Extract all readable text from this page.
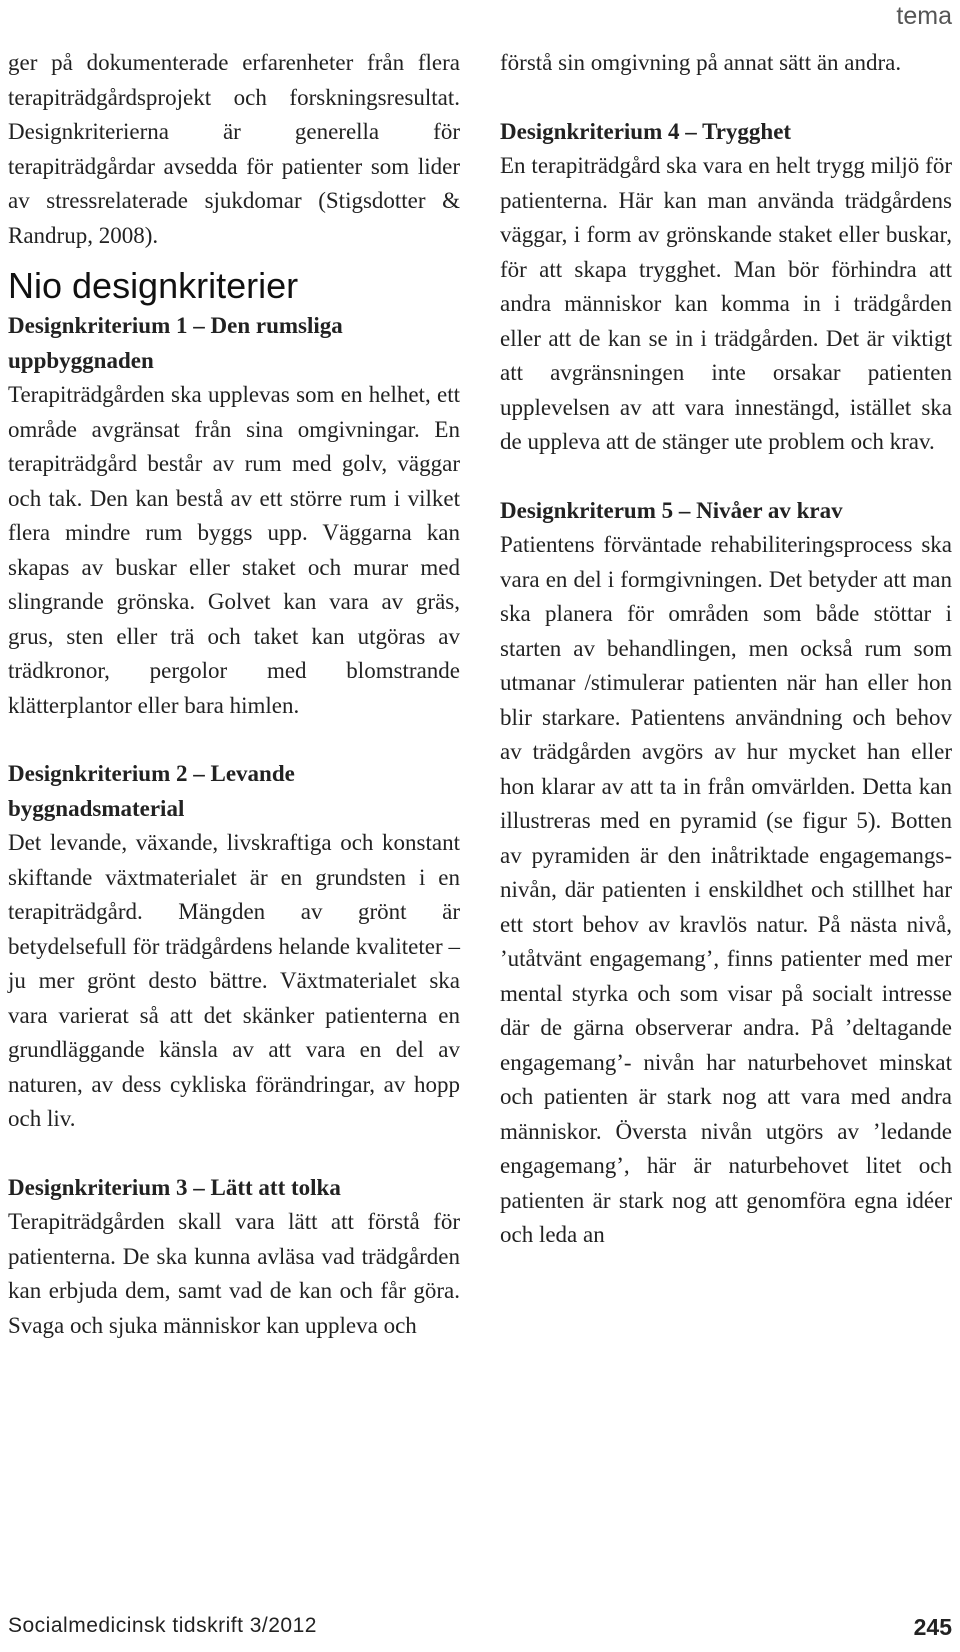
tema

ger på dokumenterade erfarenheter från flera terapiträdgårdsprojekt och forskningsresultat. Designkriterierna är generella för terapiträdgårdar avsedda för patienter som lider av stressrelaterade sjukdomar (Stigsdotter & Randrup, 2008).

Nio designkriterier
Designkriterium 1 – Den rumsliga uppbyggnaden

Terapiträdgården ska upplevas som en helhet, ett område avgränsat från sina omgivningar. En terapiträdgård består av rum med golv, väggar och tak. Den kan bestå av ett större rum i vilket flera mindre rum byggs upp. Väggarna kan skapas av buskar eller staket och murar med slingrande grönska. Golvet kan vara av gräs, grus, sten eller trä och taket kan utgöras av trädkronor, pergolor med blomstrande klätterplantor eller bara himlen.

Designkriterium 2 – Levande byggnadsmaterial

Det levande, växande, livskraftiga och konstant skiftande växtmaterialet är en grundsten i en terapiträdgård. Mängden av grönt är betydelsefull för trädgårdens helande kvaliteter – ju mer grönt desto bättre. Växtmaterialet ska vara varierat så att det skänker patienterna en grundläggande känsla av att vara en del av naturen, av dess cykliska förändringar, av hopp och liv.

Designkriterium 3 – Lätt att tolka

Terapiträdgården skall vara lätt att förstå för patienterna. De ska kunna avläsa vad trädgården kan erbjuda dem, samt vad de kan och får göra. Svaga och sjuka människor kan uppleva och

förstå sin omgivning på annat sätt än andra.

Designkriterium 4 – Trygghet

En terapiträdgård ska vara en helt trygg miljö för patienterna. Här kan man använda trädgårdens väggar, i form av grönskande staket eller buskar, för att skapa trygghet. Man bör förhindra att andra människor kan komma in i trädgården eller att de kan se in i trädgården. Det är viktigt att avgränsningen inte orsakar patienten upplevelsen av att vara innestängd, istället ska de uppleva att de stänger ute problem och krav.

Designkriterum 5 – Nivåer av krav

Patientens förväntade rehabiliteringsprocess ska vara en del i formgivningen. Det betyder att man ska planera för områden som både stöttar i starten av behandlingen, men också rum som utmanar /stimulerar patienten när han eller hon blir starkare. Patientens användning och behov av trädgården avgörs av hur mycket han eller hon klarar av att ta in från omvärlden. Detta kan illustreras med en pyramid (se figur 5). Botten av pyramiden är den inåtriktade engagemangs-nivån, där patienten i enskildhet och stillhet har ett stort behov av kravlös natur. På nästa nivå, ’utåtvänt engagemang’, finns patienter med mer mental styrka och som visar på socialt intresse där de gärna observerar andra. På ’deltagande engagemang’- nivån har naturbehovet minskat och patienten är stark nog att vara med andra människor. Översta nivån utgörs av ’ledande engagemang’, här är naturbehovet litet och patienten är stark nog att genomföra egna idéer och leda an

Socialmedicinsk tidskrift 3/2012	245
